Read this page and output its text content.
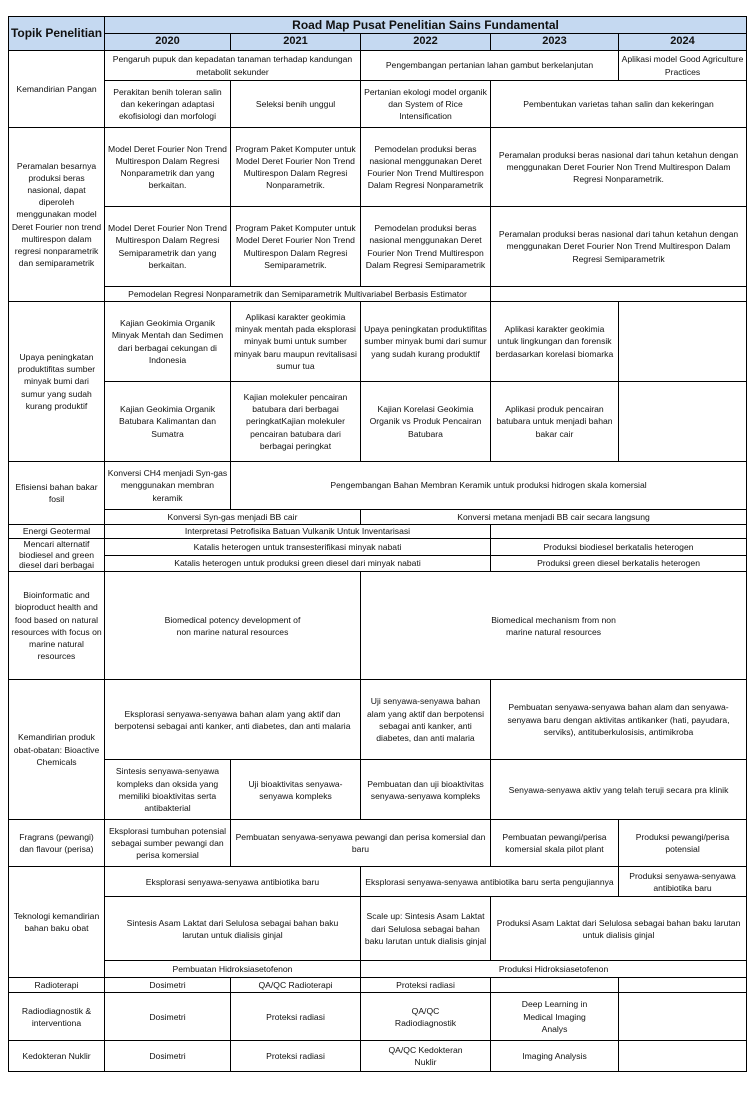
Topik Penelitian	Road Map Pusat Penelitian Sains Fundamental				
	2020	2021	2022	2023	2024
Kemandirian Pangan	Pengaruh pupuk dan kepadatan tanaman terhadap kandungan metabolit sekunder		Pengembangan pertanian lahan gambut berkelanjutan		Aplikasi model Good Agriculture Practices
	Perakitan benih toleran salin dan kekeringan adaptasi ekofisiologi dan morfologi	Seleksi benih unggul	Pertanian ekologi model organik dan System of Rice Intensification	Pembentukan varietas tahan salin dan kekeringan	
Peramalan besarnya produksi beras nasional, dapat diperoleh menggunakan model Deret Fourier non trend multirespon dalam regresi nonparametrik dan semiparametrik	Model Deret Fourier Non Trend Multirespon Dalam Regresi Nonparametrik dan yang berkaitan.	Program Paket Komputer untuk Model Deret Fourier Non Trend Multirespon Dalam Regresi Nonparametrik.	Pemodelan produksi beras nasional menggunakan Deret Fourier Non Trend Multirespon Dalam Regresi Nonparametrik	Peramalan produksi beras nasional dari tahun ketahun dengan menggunakan Deret Fourier Non Trend Multirespon Dalam Regresi Nonparametrik.	
	Model Deret Fourier Non Trend Multirespon Dalam Regresi Semiparametrik dan yang berkaitan.	Program Paket Komputer untuk Model Deret Fourier Non Trend Multirespon Dalam Regresi Semiparametrik.	Pemodelan produksi beras nasional menggunakan Deret Fourier Non Trend Multirespon Dalam Regresi Semiparametrik	Peramalan produksi beras nasional dari tahun ketahun dengan menggunakan Deret Fourier Non Trend Multirespon Dalam Regresi Semiparametrik	
	Pemodelan Regresi Nonparametrik dan Semiparametrik Multivariabel Berbasis Estimator				
Upaya peningkatan produktifitas sumber minyak bumi dari sumur yang sudah kurang produktif	Kajian Geokimia Organik Minyak Mentah dan Sedimen dari berbagai cekungan di Indonesia	Aplikasi karakter geokimia minyak mentah pada eksplorasi minyak bumi untuk sumber minyak baru maupun revitalisasi sumur tua	Upaya peningkatan produktifitas sumber minyak bumi dari sumur yang sudah kurang produktif	Aplikasi karakter geokimia untuk lingkungan dan forensik berdasarkan korelasi biomarka	
	Kajian Geokimia Organik Batubara Kalimantan dan Sumatra	Kajian molekuler pencairan batubara dari berbagai peringkatKajian molekuler pencairan batubara dari berbagai peringkat	Kajian Korelasi Geokimia Organik vs Produk Pencairan Batubara	Aplikasi produk pencairan batubara untuk menjadi bahan bakar cair	
Efisiensi bahan bakar fosil	Konversi CH4 menjadi Syn-gas menggunakan membran keramik	Pengembangan Bahan Membran Keramik untuk produksi hidrogen skala komersial			
	Konversi Syn-gas menjadi BB cair		Konversi metana menjadi BB cair secara langsung		
Energi Geotermal	Interpretasi Petrofisika Batuan Vulkanik Untuk Inventarisasi				
Mencari alternatif biodiesel and green diesel dari berbagai	Katalis heterogen untuk transesterifikasi minyak nabati			Produksi biodiesel berkatalis heterogen	
	Katalis heterogen untuk produksi green diesel dari minyak nabati			Produksi green diesel berkatalis heterogen	
Bioinformatic and bioproduct health and food based on natural resources with focus on marine natural resources	Biomedical potency development of non marine natural resources		Biomedical mechanism from non marine natural resources		
Kemandirian produk obat-obatan: Bioactive Chemicals	Eksplorasi senyawa-senyawa bahan alam yang aktif dan berpotensi sebagai anti kanker, anti diabetes, dan anti malaria		Uji senyawa-senyawa bahan alam yang aktif dan berpotensi sebagai anti kanker, anti diabetes, dan anti malaria	Pembuatan senyawa-senyawa bahan alam dan senyawa-senyawa baru dengan aktivitas antikanker (hati, payudara, serviks), antituberkulosisis, antimikroba	
	Sintesis senyawa-senyawa kompleks dan oksida yang memiliki bioaktivitas serta antibakterial	Uji bioaktivitas senyawa-senyawa kompleks	Pembuatan dan uji bioaktivitas senyawa-senyawa kompleks	Senyawa-senyawa aktiv yang telah teruji secara pra klinik	
Fragrans (pewangi) dan flavour (perisa)	Eksplorasi tumbuhan potensial sebagai sumber pewangi dan perisa komersial	Pembuatan senyawa-senyawa pewangi dan perisa komersial dan baru		Pembuatan pewangi/perisa komersial skala pilot plant	Produksi pewangi/perisa potensial
Teknologi kemandirian bahan baku obat	Eksplorasi senyawa-senyawa antibiotika baru		Eksplorasi senyawa-senyawa antibiotika baru serta pengujiannya		Produksi senyawa-senyawa antibiotika baru
	Sintesis Asam Laktat dari Selulosa sebagai bahan baku larutan untuk dialisis ginjal		Scale up: Sintesis Asam Laktat dari Selulosa sebagai bahan baku larutan untuk dialisis ginjal	Produksi Asam Laktat dari Selulosa sebagai bahan baku larutan untuk dialisis ginjal	
	Pembuatan Hidroksiasetofenon		Produksi Hidroksiasetofenon		
Radioterapi	Dosimetri	QA/QC Radioterapi	Proteksi radiasi		
Radiodiagnostik & interventiona	Dosimetri	Proteksi radiasi	QA/QC Radiodiagnostik	Deep Learning in Medical Imaging Analys	
Kedokteran Nuklir	Dosimetri	Proteksi radiasi	QA/QC Kedokteran Nuklir	Imaging Analysis	
